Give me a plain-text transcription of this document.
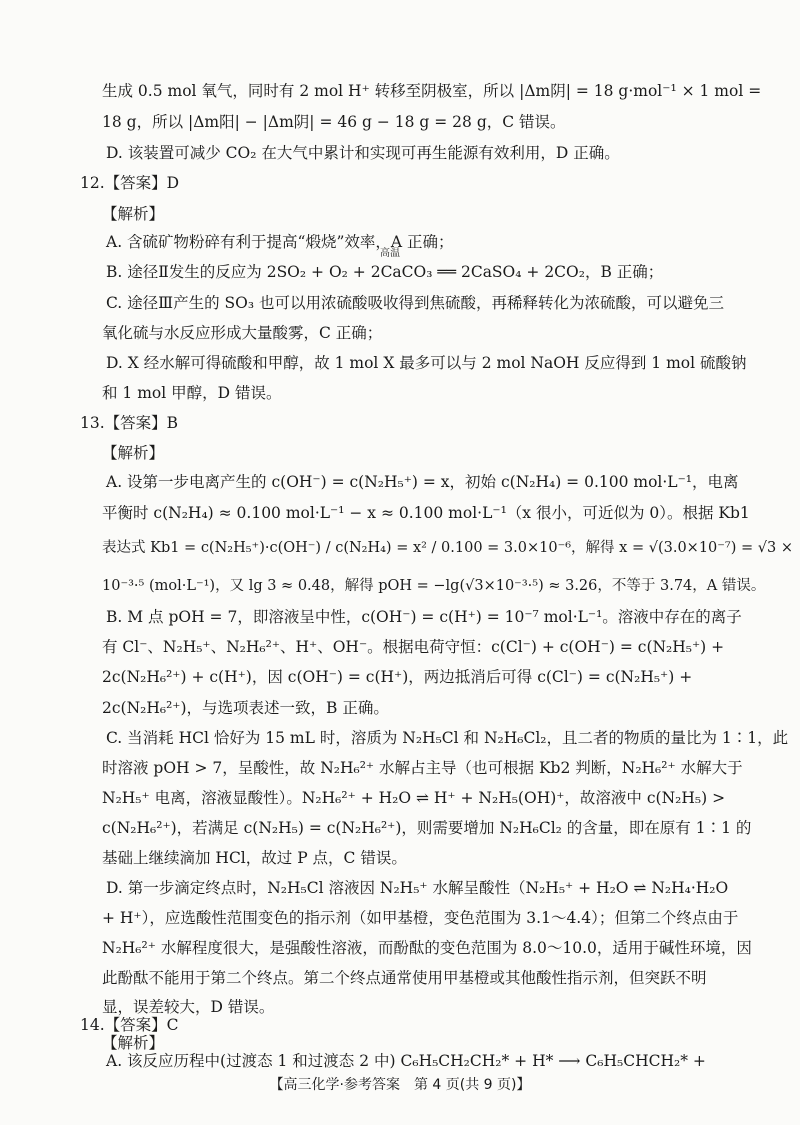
生成 0.5 mol 氧气，同时有 2 mol H⁺ 转移至阴极室，所以 |Δm阴| = 18 g·mol⁻¹ × 1 mol =
18 g，所以 |Δm阳| − |Δm阴| = 46 g − 18 g = 28 g，C 错误。
D. 该装置可减少 CO₂ 在大气中累计和实现可再生能源有效利用，D 正确。
12.【答案】D
【解析】
A. 含硫矿物粉碎有利于提高“煅烧”效率，A 正确；
高温
B. 途径Ⅱ发生的反应为 2SO₂ + O₂ + 2CaCO₃ ══ 2CaSO₄ + 2CO₂，B 正确；
C. 途径Ⅲ产生的 SO₃ 也可以用浓硫酸吸收得到焦硫酸，再稀释转化为浓硫酸，可以避免三
氧化硫与水反应形成大量酸雾，C 正确；
D. X 经水解可得硫酸和甲醇，故 1 mol X 最多可以与 2 mol NaOH 反应得到 1 mol 硫酸钠
和 1 mol 甲醇，D 错误。
13.【答案】B
【解析】
A. 设第一步电离产生的 c(OH⁻) = c(N₂H₅⁺) = x，初始 c(N₂H₄) = 0.100 mol·L⁻¹，电离
平衡时 c(N₂H₄) ≈ 0.100 mol·L⁻¹ − x ≈ 0.100 mol·L⁻¹（x 很小，可近似为 0）。根据 Kb1
表达式 Kb1 = c(N₂H₅⁺)·c(OH⁻) / c(N₂H₄) = x² / 0.100 = 3.0×10⁻⁶，解得 x = √(3.0×10⁻⁷) = √3 ×
10⁻³·⁵ (mol·L⁻¹)，又 lg 3 ≈ 0.48，解得 pOH = −lg(√3×10⁻³·⁵) ≈ 3.26，不等于 3.74，A 错误。
B. M 点 pOH = 7，即溶液呈中性，c(OH⁻) = c(H⁺) = 10⁻⁷ mol·L⁻¹。溶液中存在的离子
有 Cl⁻、N₂H₅⁺、N₂H₆²⁺、H⁺、OH⁻。根据电荷守恒：c(Cl⁻) + c(OH⁻) = c(N₂H₅⁺) +
2c(N₂H₆²⁺) + c(H⁺)，因 c(OH⁻) = c(H⁺)，两边抵消后可得 c(Cl⁻) = c(N₂H₅⁺) +
2c(N₂H₆²⁺)，与选项表述一致，B 正确。
C. 当消耗 HCl 恰好为 15 mL 时，溶质为 N₂H₅Cl 和 N₂H₆Cl₂，且二者的物质的量比为 1∶1，此
时溶液 pOH > 7，呈酸性，故 N₂H₆²⁺ 水解占主导（也可根据 Kb2 判断，N₂H₆²⁺ 水解大于
N₂H₅⁺ 电离，溶液显酸性）。N₂H₆²⁺ + H₂O ⇌ H⁺ + N₂H₅(OH)⁺，故溶液中 c(N₂H₅) >
c(N₂H₆²⁺)，若满足 c(N₂H₅) = c(N₂H₆²⁺)，则需要增加 N₂H₆Cl₂ 的含量，即在原有 1∶1 的
基础上继续滴加 HCl，故过 P 点，C 错误。
D. 第一步滴定终点时，N₂H₅Cl 溶液因 N₂H₅⁺ 水解呈酸性（N₂H₅⁺ + H₂O ⇌ N₂H₄·H₂O
+ H⁺），应选酸性范围变色的指示剂（如甲基橙，变色范围为 3.1～4.4）；但第二个终点由于
N₂H₆²⁺ 水解程度很大，是强酸性溶液，而酚酞的变色范围为 8.0～10.0，适用于碱性环境，因
此酚酞不能用于第二个终点。第二个终点通常使用甲基橙或其他酸性指示剂，但突跃不明
显，误差较大，D 错误。
14.【答案】C
【解析】
A. 该反应历程中(过渡态 1 和过渡态 2 中) C₆H₅CH₂CH₂* + H* ⟶ C₆H₅CHCH₂* +
【高三化学·参考答案　第 4 页(共 9 页)】
